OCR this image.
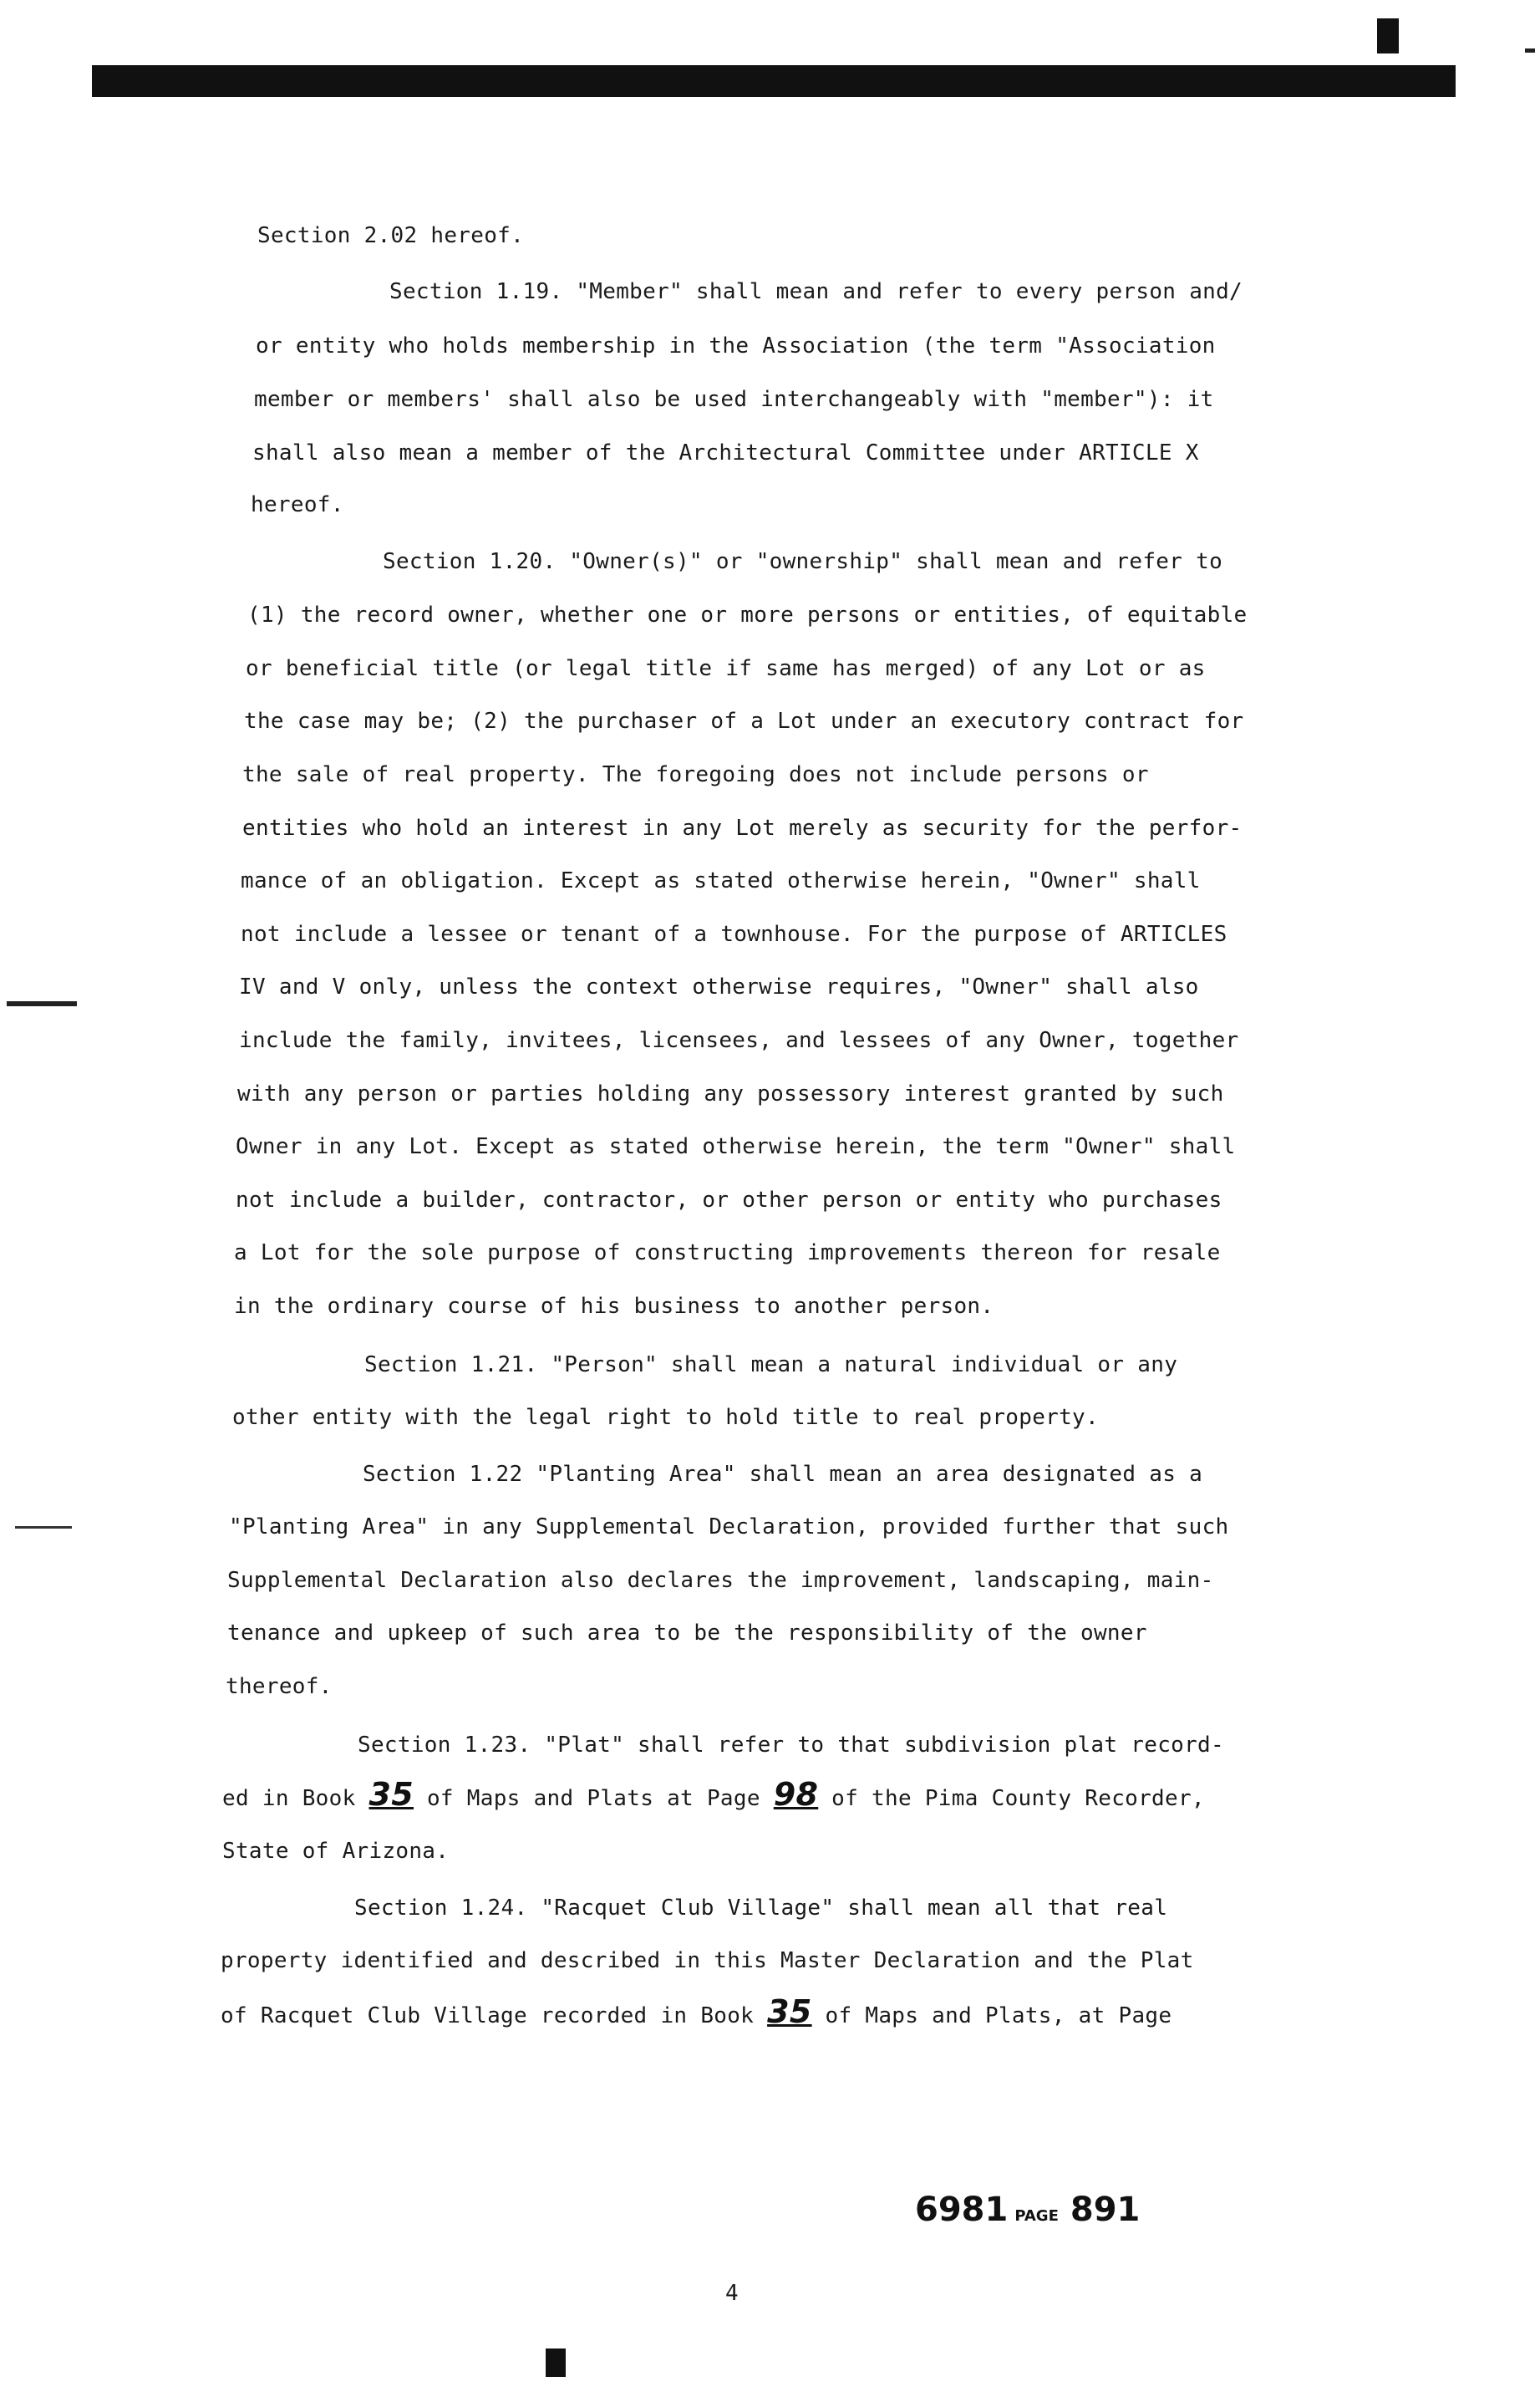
Section 2.02 hereof.

Section 1.19. "Member" shall mean and refer to every person and/

or entity who holds membership in the Association (the term "Association

member or members' shall also be used interchangeably with "member"): it

shall also mean a member of the Architectural Committee under ARTICLE X

hereof.

Section 1.20. "Owner(s)" or "ownership" shall mean and refer to

(1) the record owner, whether one or more persons or entities, of equitable

or beneficial title (or legal title if same has merged) of any Lot or as

the case may be; (2) the purchaser of a Lot under an executory contract for

the sale of real property. The foregoing does not include persons or

entities who hold an interest in any Lot merely as security for the perfor-

mance of an obligation. Except as stated otherwise herein, "Owner" shall

not include a lessee or tenant of a townhouse. For the purpose of ARTICLES

IV and V only, unless the context otherwise requires, "Owner" shall also

include the family, invitees, licensees, and lessees of any Owner, together

with any person or parties holding any possessory interest granted by such

Owner in any Lot. Except as stated otherwise herein, the term "Owner" shall

not include a builder, contractor, or other person or entity who purchases

a Lot for the sole purpose of constructing improvements thereon for resale

in the ordinary course of his business to another person.

Section 1.21. "Person" shall mean a natural individual or any

other entity with the legal right to hold title to real property.

Section 1.22 "Planting Area" shall mean an area designated as a

"Planting Area" in any Supplemental Declaration, provided further that such

Supplemental Declaration also declares the improvement, landscaping, main-

tenance and upkeep of such area to be the responsibility of the owner

thereof.

Section 1.23. "Plat" shall refer to that subdivision plat record-

ed in Book 35 of Maps and Plats at Page 98 of the Pima County Recorder,

State of Arizona.

Section 1.24. "Racquet Club Village" shall mean all that real

property identified and described in this Master Declaration and the Plat

of Racquet Club Village recorded in Book 35 of Maps and Plats, at Page

6981 PAGE 891
4
